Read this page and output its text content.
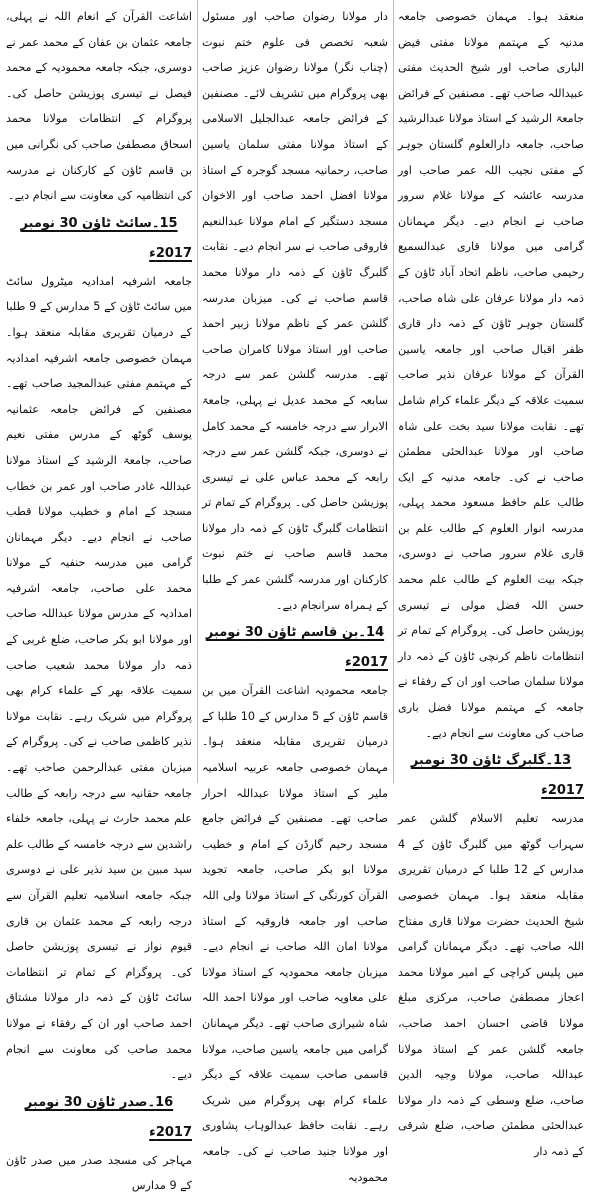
منعقد ہوا۔ مہمان خصوصی جامعہ مدنیہ کے مہتمم مولانا مفتی فیض الباری صاحب اور شیخ الحدیث مفتی عبیداللہ صاحب تھے۔ مصنفین کے فرائض جامعۃ الرشید کے استاذ مولانا عبدالرشید صاحب، جامعہ دارالعلوم گلستان جوہر کے مفتی نجیب اللہ عمر صاحب اور مدرسہ عائشہ کے مولانا غلام سرور صاحب نے انجام دیے۔ دیگر مہمانان گرامی میں مولانا قاری عبدالسمیع رحیمی صاحب، ناظم اتحاد آباد ٹاؤن کے ذمہ دار مولانا عرفان علی شاہ صاحب، گلستان جوہر ٹاؤن کے ذمہ دار قاری ظفر اقبال صاحب اور جامعہ یاسین القرآن کے مولانا عرفان نذیر صاحب سمیت علاقہ کے دیگر علماء کرام شامل تھے۔ نقابت مولانا سید بخت علی شاہ صاحب اور مولانا عبدالحئی مطمئن صاحب نے کی۔ جامعہ مدنیہ کے ایک طالب علم حافظ مسعود محمد پہلی، مدرسہ انوار العلوم کے طالب علم بن قاری غلام سرور صاحب نے دوسری، جبکہ بیت العلوم کے طالب علم محمد حسن اللہ فضل مولی نے تیسری پوزیشن حاصل کی۔ پروگرام کے تمام تر انتظامات ناظم کرنچی ٹاؤن کے ذمہ دار مولانا سلمان صاحب اور ان کے رفقاء نے جامعہ کے مہتمم مولانا فضل باری صاحب کی معاونت سے انجام دیے۔

13۔گلبرگ ٹاؤن 30 نومبر 2017ء

مدرسہ تعلیم الاسلام گلشن عمر سہراب گوٹھ میں گلبرگ ٹاؤن کے 4 مدارس کے 12 طلبا کے درمیان تقریری مقابلہ منعقد ہوا۔ مہمان خصوصی شیخ الحدیث حضرت مولانا قاری مفتاح اللہ صاحب تھے۔ دیگر مہمانان گرامی میں پلیس کراچی کے امیر مولانا محمد اعجاز مصطفیٰ صاحب، مرکزی مبلغ مولانا قاضی احسان احمد صاحب، جامعہ گلشن عمر کے استاذ مولانا عبداللہ صاحب، مولانا وجیہ الدین صاحب، ضلع وسطی کے ذمہ دار مولانا عبدالحئی مطمئن صاحب، ضلع شرقی کے ذمہ دار

دار مولانا رضوان صاحب اور مسئول شعبہ تخصص فی علوم ختم نبوت (چناب نگر) مولانا رضوان عزیز صاحب بھی پروگرام میں تشریف لائے۔ مصنفین کے فرائض جامعہ عبدالجلیل الاسلامی کے استاذ مولانا مفتی سلمان یاسین صاحب، رحمانیہ مسجد گوجرہ کے استاذ مولانا افضل احمد صاحب اور الاخوان مسجد دستگیر کے امام مولانا عبدالنعیم فاروقی صاحب نے سر انجام دیے۔ نقابت گلبرگ ٹاؤن کے ذمہ دار مولانا محمد قاسم صاحب نے کی۔ میزبان مدرسہ گلشن عمر کے ناظم مولانا زبیر احمد صاحب اور استاذ مولانا کامران صاحب تھے۔ مدرسہ گلشن عمر سے درجہ سابعہ کے محمد عدیل نے پہلی، جامعۃ الابرار سے درجہ خامسہ کے محمد کامل نے دوسری، جبکہ گلشن عمر سے درجہ رابعہ کے محمد عباس علی نے تیسری پوزیشن حاصل کی۔ پروگرام کے تمام تر انتظامات گلبرگ ٹاؤن کے ذمہ دار مولانا محمد قاسم صاحب نے ختم نبوت کارکنان اور مدرسہ گلشن عمر کے طلبا کے ہمراہ سرانجام دیے۔

14۔بن قاسم ٹاؤن 30 نومبر 2017ء

جامعہ محمودیہ اشاعت القرآن میں بن قاسم ٹاؤن کے 5 مدارس کے 10 طلبا کے درمیان تقریری مقابلہ منعقد ہوا۔ مہمان خصوصی جامعہ عربیہ اسلامیہ ملیر کے استاذ مولانا عبداللہ احرار صاحب تھے۔ مصنفین کے فرائض جامع مسجد رحیم گارڈن کے امام و خطیب مولانا ابو بکر صاحب، جامعہ تجوید القرآن کورنگی کے استاذ مولانا ولی اللہ صاحب اور جامعہ فاروقیہ کے استاذ مولانا امان اللہ صاحب نے انجام دیے۔ میزبان جامعہ محمودیہ کے استاذ مولانا علی معاویہ صاحب اور مولانا احمد اللہ شاہ شیرازی صاحب تھے۔ دیگر مہمانان گرامی میں جامعہ یاسین صاحب، مولانا قاسمی صاحب سمیت علاقہ کے دیگر علماء کرام بھی پروگرام میں شریک رہے۔ نقابت حافظ عبدالوہاب پشاوری اور مولانا جنید صاحب نے کی۔ جامعہ محمودیہ

اشاعت القرآن کے انعام اللہ نے پہلی، جامعہ عثمان بن عفان کے محمد عمر نے دوسری، جبکہ جامعہ محمودیہ کے محمد فیصل نے تیسری پوزیشن حاصل کی۔ پروگرام کے انتظامات مولانا محمد اسحاق مصطفیٰ صاحب کی نگرانی میں بن قاسم ٹاؤن کے کارکنان نے مدرسہ کی انتظامیہ کی معاونت سے انجام دیے۔

15۔سائٹ ٹاؤن 30 نومبر 2017ء

جامعہ اشرفیہ امدادیہ میٹرول سائٹ میں سائٹ ٹاؤن کے 5 مدارس کے 9 طلبا کے درمیان تقریری مقابلہ منعقد ہوا۔ مہمان خصوصی جامعہ اشرفیہ امدادیہ کے مہتمم مفتی عبدالمجید صاحب تھے۔ مصنفین کے فرائض جامعہ عثمانیہ یوسف گوٹھ کے مدرس مفتی نعیم صاحب، جامعۃ الرشید کے استاذ مولانا عبداللہ غادر صاحب اور عمر بن خطاب مسجد کے امام و خطیب مولانا قطب صاحب نے انجام دیے۔ دیگر مہمانان گرامی میں مدرسہ حنفیہ کے مولانا محمد علی صاحب، جامعہ اشرفیہ امدادیہ کے مدرس مولانا عبداللہ صاحب اور مولانا ابو بکر صاحب، ضلع غربی کے ذمہ دار مولانا محمد شعیب صاحب سمیت علاقہ بھر کے علماء کرام بھی پروگرام میں شریک رہے۔ نقابت مولانا نذیر کاظمی صاحب نے کی۔ پروگرام کے میزبان مفتی عبدالرحمن صاحب تھے۔ جامعہ حقانیہ سے درجہ رابعہ کے طالب علم محمد حارث نے پہلی، جامعہ خلفاء راشدین سے درجہ خامسہ کے طالب علم سید مبین بن سید نذیر علی نے دوسری جبکہ جامعہ اسلامیہ تعلیم القرآن سے درجہ رابعہ کے محمد عثمان بن قاری قیوم نواز نے تیسری پوزیشن حاصل کی۔ پروگرام کے تمام تر انتظامات سائٹ ٹاؤن کے ذمہ دار مولانا مشتاق احمد صاحب اور ان کے رفقاء نے مولانا محمد صاحب کی معاونت سے انجام دیے۔

16۔صدر ٹاؤن 30 نومبر 2017ء

مہاجر کی مسجد صدر میں صدر ٹاؤن کے 9 مدارس
